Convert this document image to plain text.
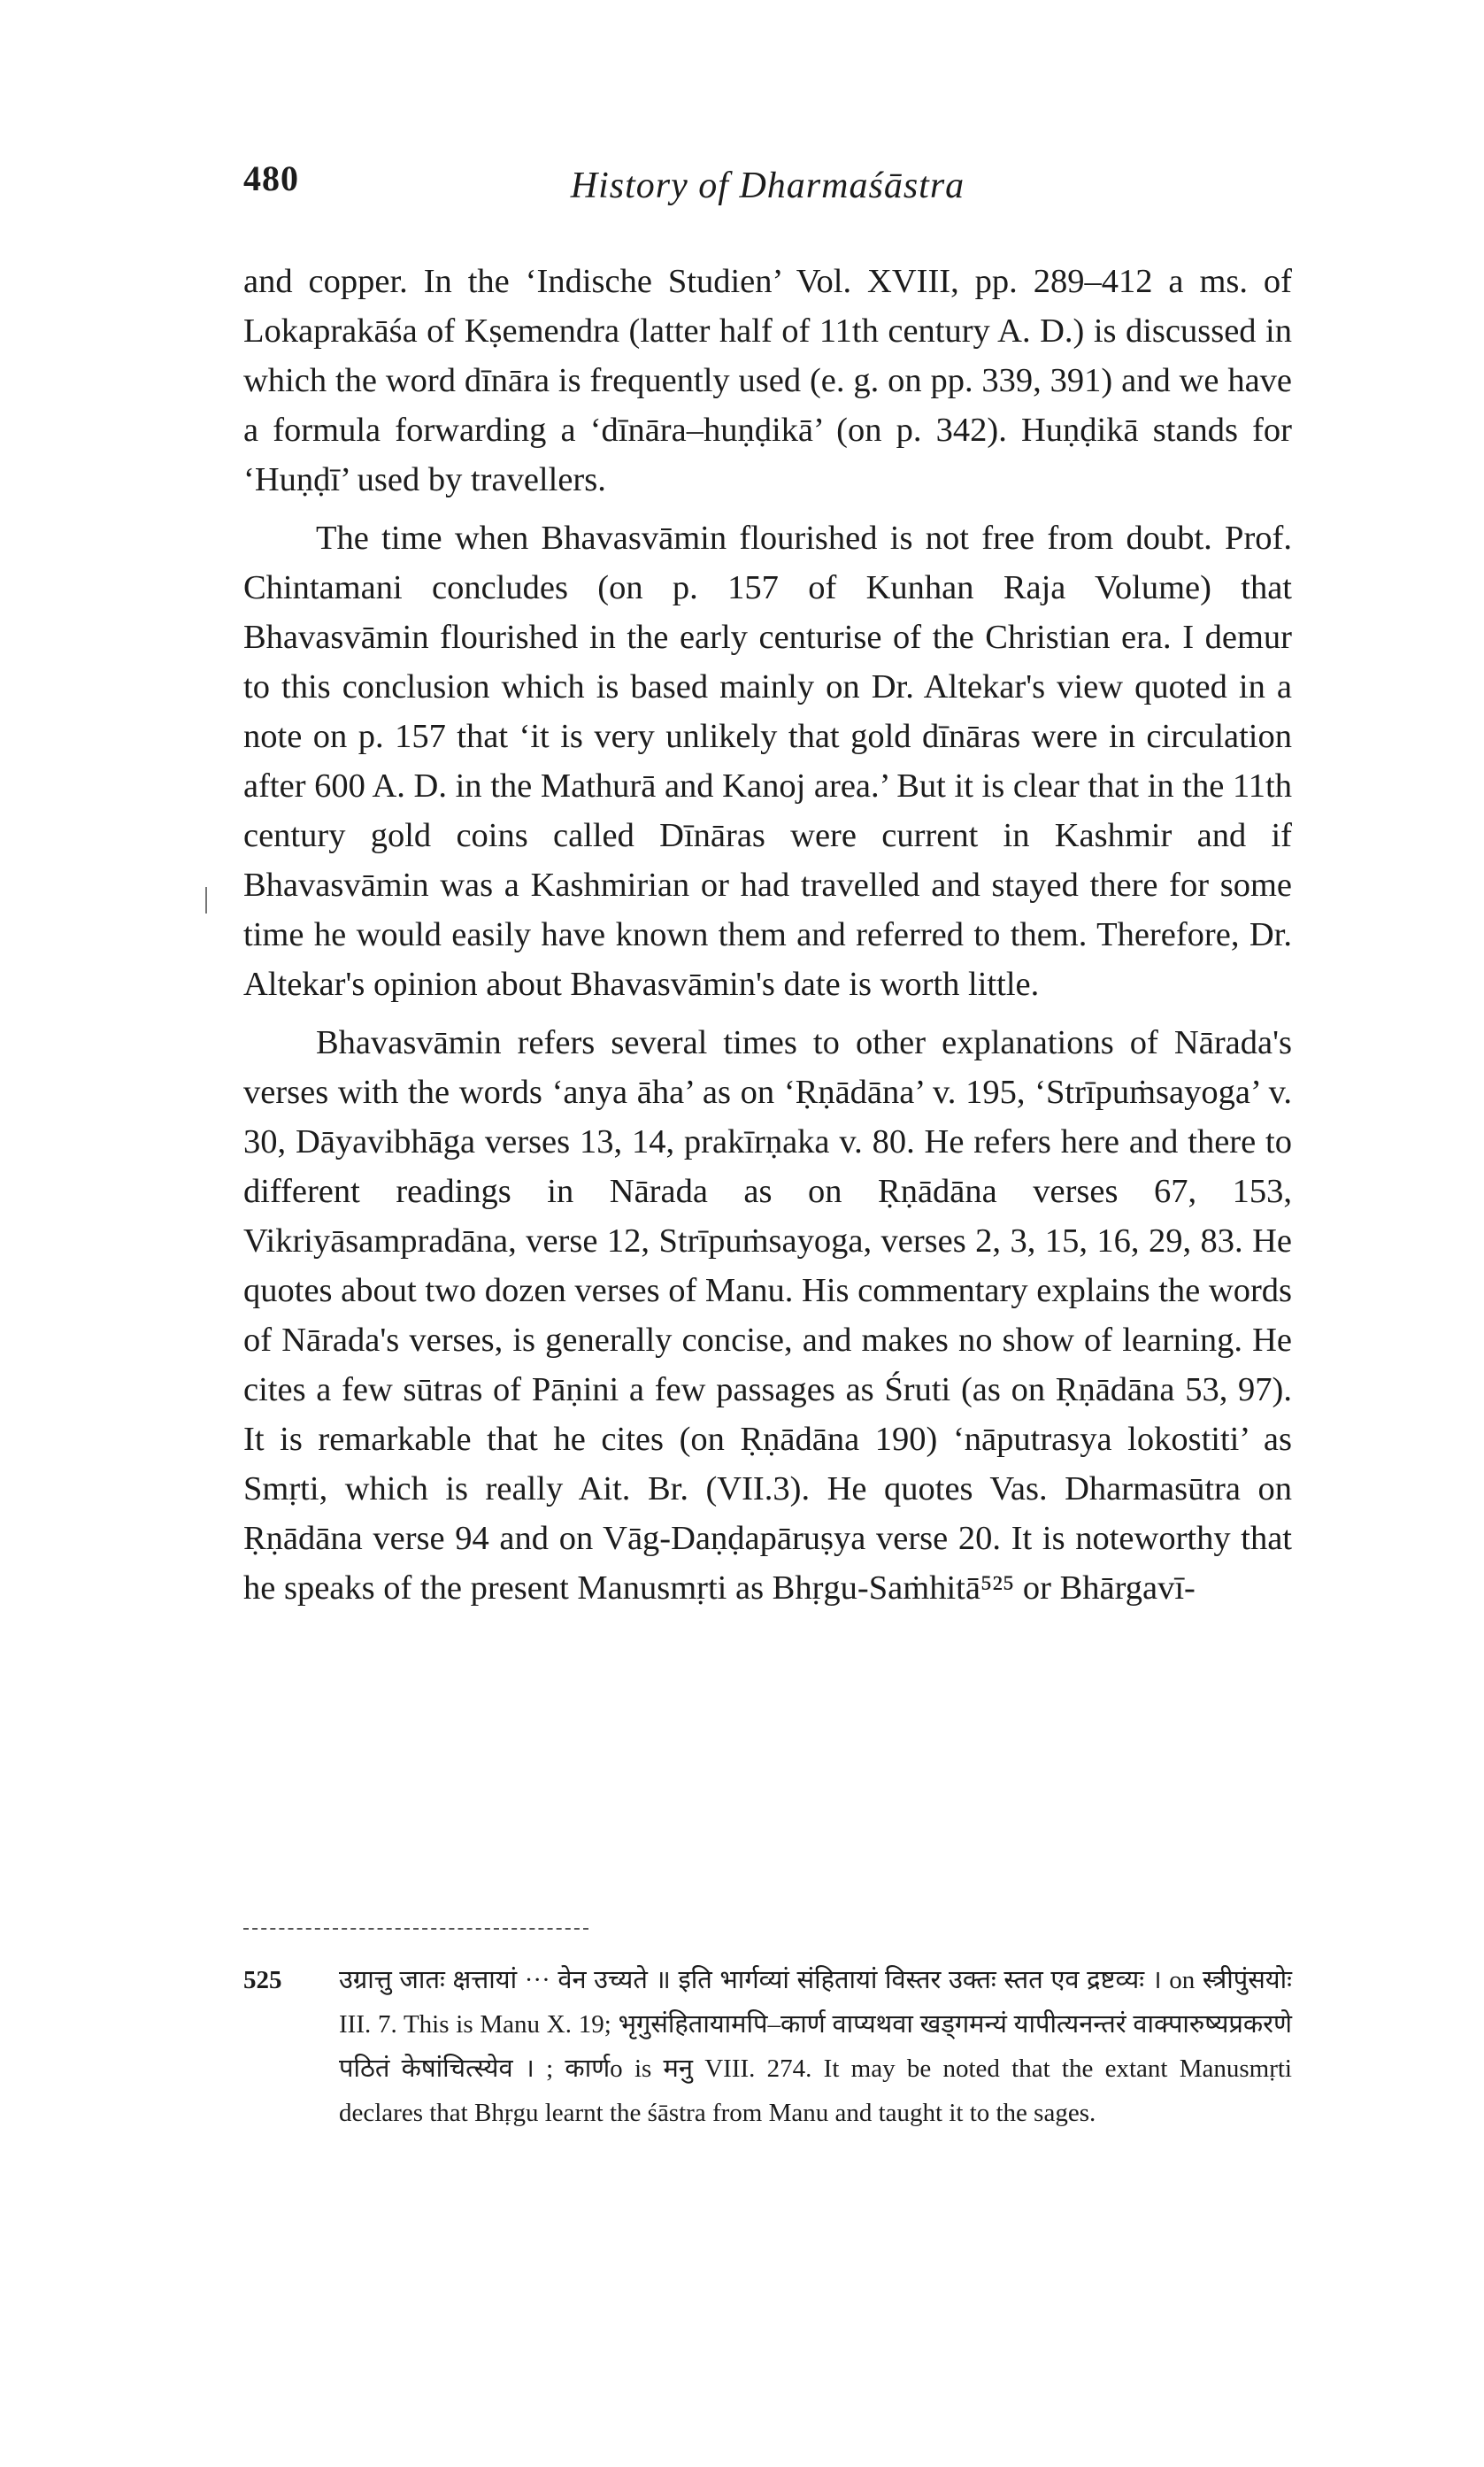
480	History of Dharmaśāstra

and copper. In the ‘Indische Studien’ Vol. XVIII, pp. 289–412 a ms. of Lokaprakāśa of Kṣemendra (latter half of 11th century A. D.) is discussed in which the word dīnāra is frequently used (e. g. on pp. 339, 391) and we have a formula forwarding a ‘dīnāra–huṇḍikā’ (on p. 342). Huṇḍikā stands for ‘Huṇḍī’ used by travellers.

The time when Bhavasvāmin flourished is not free from doubt. Prof. Chintamani concludes (on p. 157 of Kunhan Raja Volume) that Bhavasvāmin flourished in the early centurise of the Christian era. I demur to this conclusion which is based mainly on Dr. Altekar's view quoted in a note on p. 157 that ‘it is very unlikely that gold dīnāras were in circulation after 600 A. D. in the Mathurā and Kanoj area.’ But it is clear that in the 11th century gold coins called Dīnāras were current in Kashmir and if Bhavasvāmin was a Kashmirian or had travelled and stayed there for some time he would easily have known them and referred to them. Therefore, Dr. Altekar's opinion about Bhavasvāmin's date is worth little.

Bhavasvāmin refers several times to other explanations of Nārada's verses with the words ‘anya āha’ as on ‘Ṛṇādāna’ v. 195, ‘Strīpuṁsayoga’ v. 30, Dāyavibhāga verses 13, 14, prakīrṇaka v. 80. He refers here and there to different readings in Nārada as on Ṛṇādāna verses 67, 153, Vikriyāsampradāna, verse 12, Strīpuṁsayoga, verses 2, 3, 15, 16, 29, 83. He quotes about two dozen verses of Manu. His commentary explains the words of Nārada's verses, is generally concise, and makes no show of learning. He cites a few sūtras of Pāṇini a few passages as Śruti (as on Ṛṇādāna 53, 97). It is remarkable that he cites (on Ṛṇādāna 190) ‘nāputrasya lokostiti’ as Smṛti, which is really Ait. Br. (VII.3). He quotes Vas. Dharmasūtra on Ṛṇādāna verse 94 and on Vāg-Daṇḍapāruṣya verse 20. It is noteworthy that he speaks of the present Manusmṛti as Bhṛgu-Saṁhitā⁵²⁵ or Bhārgavī-

525 उग्रात्तु जातः क्षत्तायां ··· वेन उच्यते ॥ इति भार्गव्यां संहितायां विस्तर उक्तः स्तत एव द्रष्टव्यः । on स्त्रीपुंसयोः III. 7. This is Manu X. 19; भृगुसंहितायामपि–कार्ण वाप्यथवा खड्गमन्यं यापीत्यनन्तरं वाक्पारुष्यप्रकरणे पठितं केषांचित्स्येव । ; कार्णo is मनु VIII. 274. It may be noted that the extant Manusmṛti declares that Bhṛgu learnt the śāstra from Manu and taught it to the sages.
